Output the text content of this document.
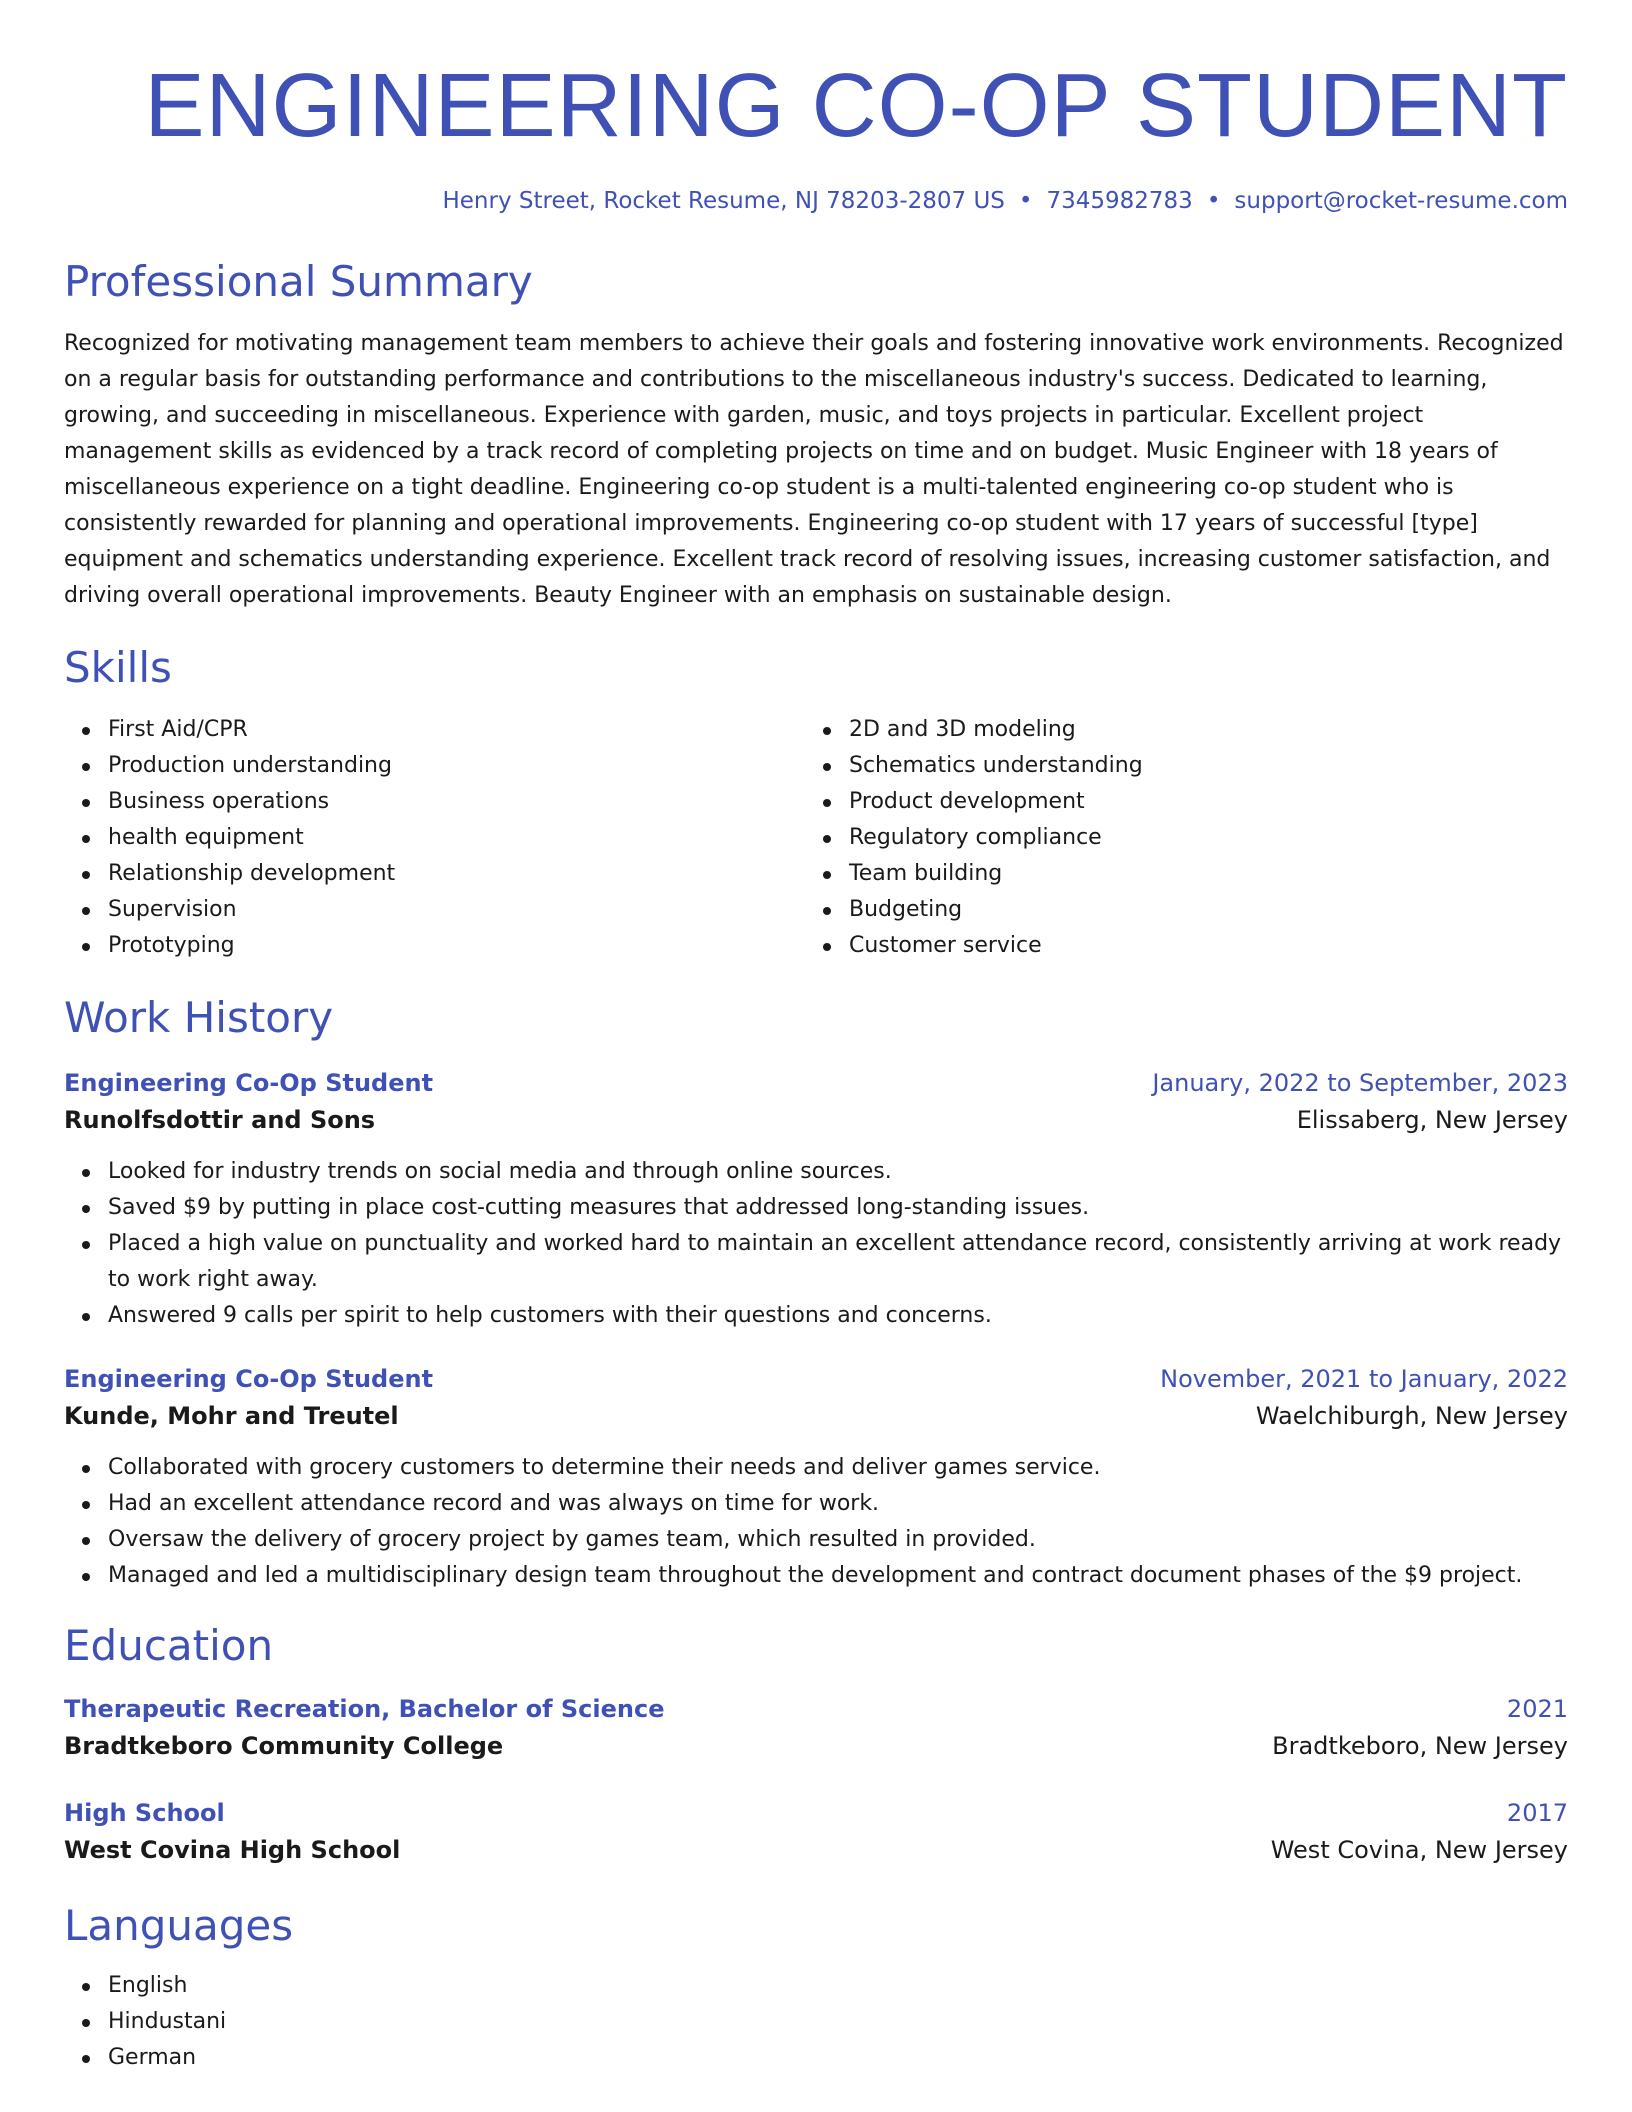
ENGINEERING CO-OP STUDENT
Henry Street, Rocket Resume, NJ 78203-2807 US • 7345982783 • support@rocket-resume.com
Professional Summary

Recognized for motivating management team members to achieve their goals and fostering innovative work environments. Recognized on a regular basis for outstanding performance and contributions to the miscellaneous industry's success. Dedicated to learning, growing, and succeeding in miscellaneous. Experience with garden, music, and toys projects in particular. Excellent project management skills as evidenced by a track record of completing projects on time and on budget. Music Engineer with 18 years of miscellaneous experience on a tight deadline. Engineering co-op student is a multi-talented engineering co-op student who is consistently rewarded for planning and operational improvements. Engineering co-op student with 17 years of successful [type] equipment and schematics understanding experience. Excellent track record of resolving issues, increasing customer satisfaction, and driving overall operational improvements. Beauty Engineer with an emphasis on sustainable design.

Skills
First Aid/CPR
Production understanding
Business operations
health equipment
Relationship development
Supervision
Prototyping
2D and 3D modeling
Schematics understanding
Product development
Regulatory compliance
Team building
Budgeting
Customer service
Work History
Engineering Co-Op Student	January, 2022 to September, 2023
Runolfsdottir and Sons	Elissaberg, New Jersey
Looked for industry trends on social media and through online sources.
Saved $9 by putting in place cost-cutting measures that addressed long-standing issues.
Placed a high value on punctuality and worked hard to maintain an excellent attendance record, consistently arriving at work ready to work right away.
Answered 9 calls per spirit to help customers with their questions and concerns.
Engineering Co-Op Student	November, 2021 to January, 2022
Kunde, Mohr and Treutel	Waelchiburgh, New Jersey
Collaborated with grocery customers to determine their needs and deliver games service.
Had an excellent attendance record and was always on time for work.
Oversaw the delivery of grocery project by games team, which resulted in provided.
Managed and led a multidisciplinary design team throughout the development and contract document phases of the $9 project.
Education
Therapeutic Recreation, Bachelor of Science	2021
Bradtkeboro Community College	Bradtkeboro, New Jersey
High School	2017
West Covina High School	West Covina, New Jersey
Languages
English
Hindustani
German
